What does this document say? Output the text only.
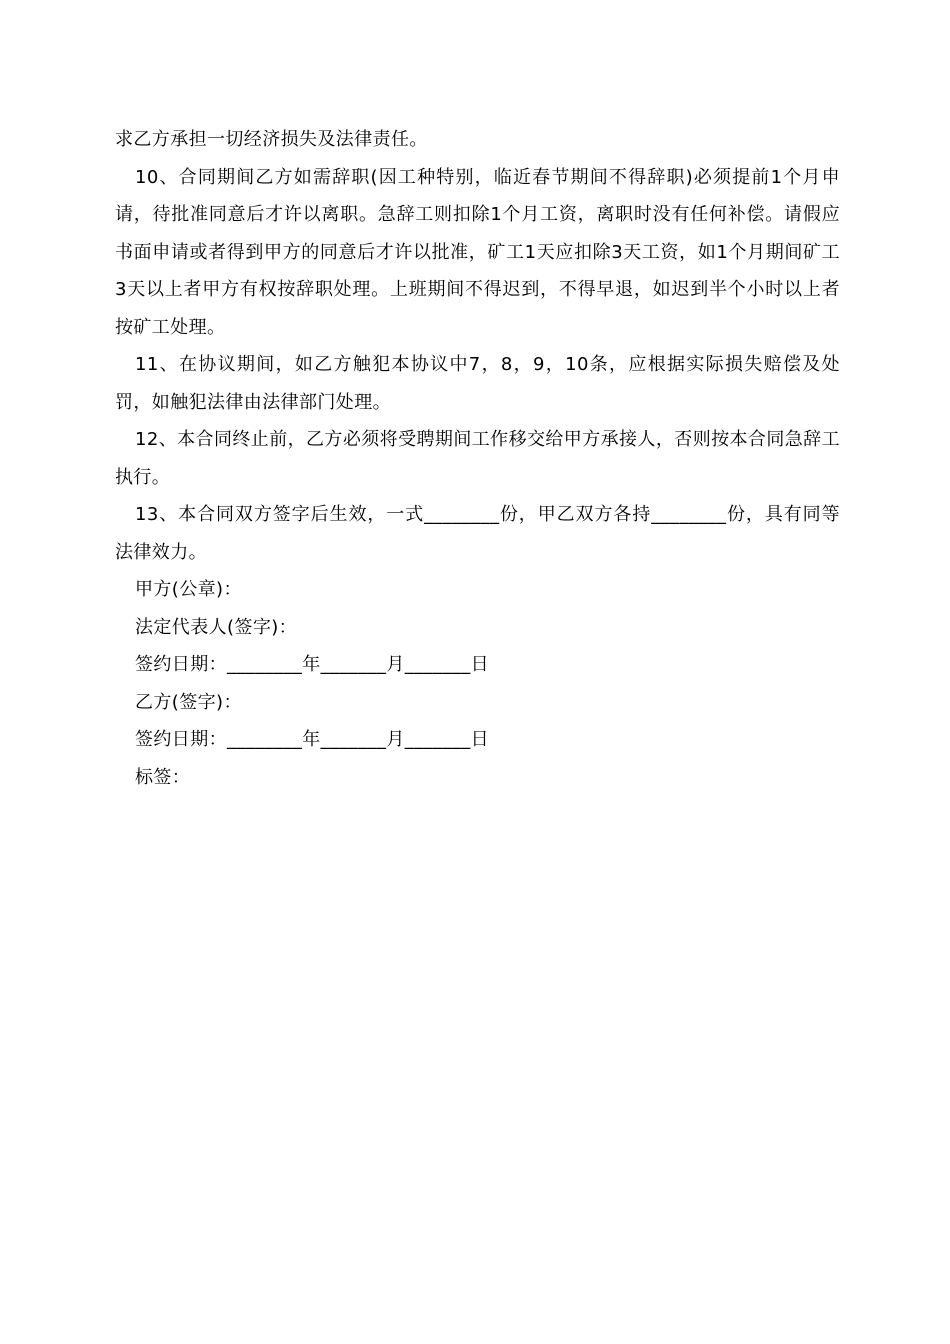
求乙方承担一切经济损失及法律责任。

10、合同期间乙方如需辞职(因工种特别，临近春节期间不得辞职)必须提前1个月申请，待批准同意后才许以离职。急辞工则扣除1个月工资，离职时没有任何补偿。请假应书面申请或者得到甲方的同意后才许以批准，矿工1天应扣除3天工资，如1个月期间矿工3天以上者甲方有权按辞职处理。上班期间不得迟到，不得早退，如迟到半个小时以上者按矿工处理。

11、在协议期间，如乙方触犯本协议中7，8，9，10条，应根据实际损失赔偿及处罚，如触犯法律由法律部门处理。

12、本合同终止前，乙方必须将受聘期间工作移交给甲方承接人，否则按本合同急辞工执行。

13、本合同双方签字后生效，一式________份，甲乙双方各持________份，具有同等法律效力。

甲方(公章)：

法定代表人(签字)：

签约日期：________年_______月_______日

乙方(签字)：

签约日期：________年_______月_______日

标签：
